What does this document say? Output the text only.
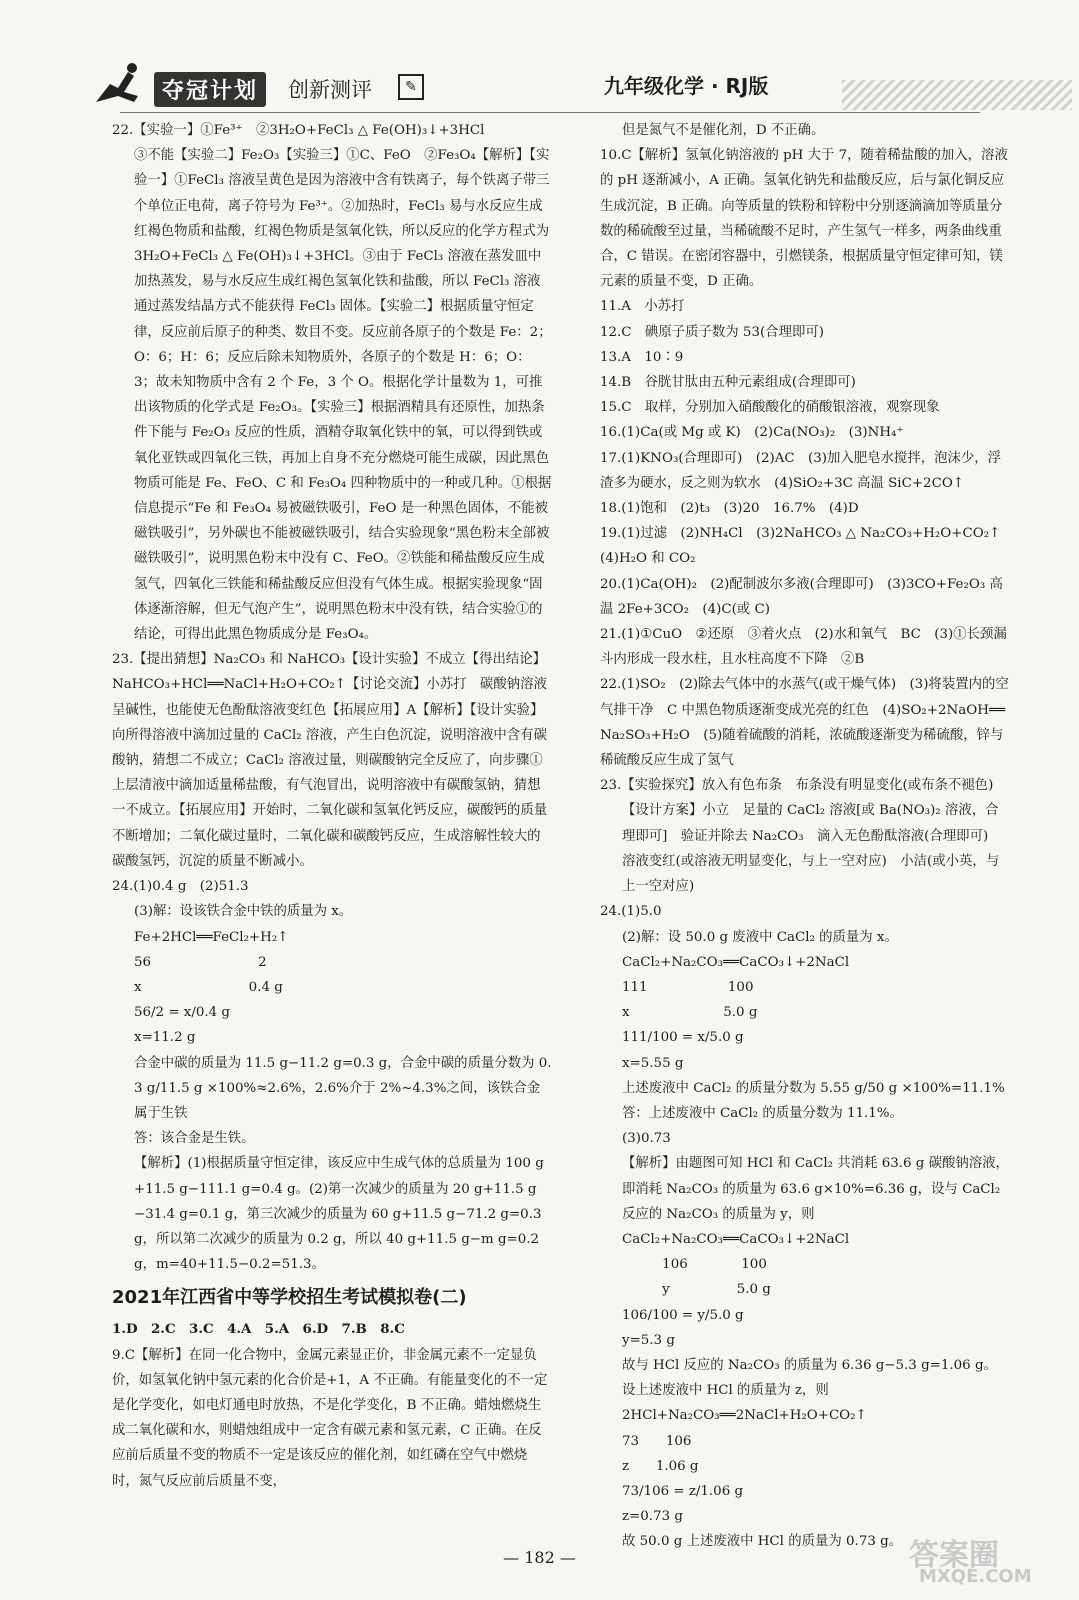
夺冠计划	创新测评	✎	九年级化学 · RJ版

22.【实验一】①Fe³⁺　②3H₂O+FeCl₃ △ Fe(OH)₃↓+3HCl

③不能【实验二】Fe₂O₃【实验三】①C、FeO　②Fe₃O₄【解析】【实验一】①FeCl₃ 溶液呈黄色是因为溶液中含有铁离子，每个铁离子带三个单位正电荷，离子符号为 Fe³⁺。②加热时，FeCl₃ 易与水反应生成红褐色物质和盐酸，红褐色物质是氢氧化铁，所以反应的化学方程式为 3H₂O+FeCl₃ △ Fe(OH)₃↓+3HCl。③由于 FeCl₃ 溶液在蒸发皿中加热蒸发，易与水反应生成红褐色氢氧化铁和盐酸，所以 FeCl₃ 溶液通过蒸发结晶方式不能获得 FeCl₃ 固体。【实验二】根据质量守恒定律，反应前后原子的种类、数目不变。反应前各原子的个数是 Fe：2；O：6；H：6；反应后除未知物质外，各原子的个数是 H：6；O：3；故未知物质中含有 2 个 Fe，3 个 O。根据化学计量数为 1，可推出该物质的化学式是 Fe₂O₃。【实验三】根据酒精具有还原性，加热条件下能与 Fe₂O₃ 反应的性质，酒精夺取氧化铁中的氧，可以得到铁或氧化亚铁或四氧化三铁，再加上自身不充分燃烧可能生成碳，因此黑色物质可能是 Fe、FeO、C 和 Fe₃O₄ 四种物质中的一种或几种。①根据信息提示“Fe 和 Fe₃O₄ 易被磁铁吸引，FeO 是一种黑色固体，不能被磁铁吸引”，另外碳也不能被磁铁吸引，结合实验现象“黑色粉末全部被磁铁吸引”，说明黑色粉末中没有 C、FeO。②铁能和稀盐酸反应生成氢气，四氧化三铁能和稀盐酸反应但没有气体生成。根据实验现象“固体逐渐溶解，但无气泡产生”，说明黑色粉末中没有铁，结合实验①的结论，可得出此黑色物质成分是 Fe₃O₄。

23.【提出猜想】Na₂CO₃ 和 NaHCO₃【设计实验】不成立【得出结论】NaHCO₃+HCl══NaCl+H₂O+CO₂↑【讨论交流】小苏打　碳酸钠溶液呈碱性，也能使无色酚酞溶液变红色【拓展应用】A【解析】【设计实验】向所得溶液中滴加过量的 CaCl₂ 溶液，产生白色沉淀，说明溶液中含有碳酸钠，猜想二不成立；CaCl₂ 溶液过量，则碳酸钠完全反应了，向步骤①上层清液中滴加适量稀盐酸，有气泡冒出，说明溶液中有碳酸氢钠，猜想一不成立。【拓展应用】开始时，二氧化碳和氢氧化钙反应，碳酸钙的质量不断增加；二氧化碳过量时，二氧化碳和碳酸钙反应，生成溶解性较大的碳酸氢钙，沉淀的质量不断减小。

24.(1)0.4 g　(2)51.3

(3)解：设该铁合金中铁的质量为 x。

Fe+2HCl══FeCl₂+H₂↑

56　　　　　　　　2

x　　　　　　　　0.4 g

56/2 = x/0.4 g

x=11.2 g

合金中碳的质量为 11.5 g−11.2 g=0.3 g，合金中碳的质量分数为 0.3 g/11.5 g ×100%≈2.6%，2.6%介于 2%~4.3%之间，该铁合金属于生铁

答：该合金是生铁。

【解析】(1)根据质量守恒定律，该反应中生成气体的总质量为 100 g+11.5 g−111.1 g=0.4 g。(2)第一次减少的质量为 20 g+11.5 g−31.4 g=0.1 g，第三次减少的质量为 60 g+11.5 g−71.2 g=0.3 g，所以第二次减少的质量为 0.2 g，所以 40 g+11.5 g−m g=0.2 g，m=40+11.5−0.2=51.3。

2021年江西省中等学校招生考试模拟卷(二)

1.D　2.C　3.C　4.A　5.A　6.D　7.B　8.C

9.C【解析】在同一化合物中，金属元素显正价，非金属元素不一定显负价，如氢氧化钠中氢元素的化合价是+1，A 不正确。有能量变化的不一定是化学变化，如电灯通电时放热，不是化学变化，B 不正确。蜡烛燃烧生成二氧化碳和水，则蜡烛组成中一定含有碳元素和氢元素，C 正确。在反应前后质量不变的物质不一定是该反应的催化剂，如红磷在空气中燃烧时，氮气反应前后质量不变，

但是氮气不是催化剂，D 不正确。

10.C【解析】氢氧化钠溶液的 pH 大于 7，随着稀盐酸的加入，溶液的 pH 逐渐减小，A 正确。氢氧化钠先和盐酸反应，后与氯化铜反应生成沉淀，B 正确。向等质量的铁粉和锌粉中分别逐滴滴加等质量分数的稀硫酸至过量，当稀硫酸不足时，产生氢气一样多，两条曲线重合，C 错误。在密闭容器中，引燃镁条，根据质量守恒定律可知，镁元素的质量不变，D 正确。

11.A　小苏打

12.C　碘原子质子数为 53(合理即可)

13.A　10∶9

14.B　谷胱甘肽由五种元素组成(合理即可)

15.C　取样，分别加入硝酸酸化的硝酸银溶液，观察现象

16.(1)Ca(或 Mg 或 K)　(2)Ca(NO₃)₂　(3)NH₄⁺

17.(1)KNO₃(合理即可)　(2)AC　(3)加入肥皂水搅拌，泡沫少，浮渣多为硬水，反之则为软水　(4)SiO₂+3C 高温 SiC+2CO↑

18.(1)饱和　(2)t₃　(3)20　16.7%　(4)D

19.(1)过滤　(2)NH₄Cl　(3)2NaHCO₃ △ Na₂CO₃+H₂O+CO₂↑　(4)H₂O 和 CO₂

20.(1)Ca(OH)₂　(2)配制波尔多液(合理即可)　(3)3CO+Fe₂O₃ 高温 2Fe+3CO₂　(4)C(或 C)

21.(1)①CuO　②还原　③着火点　(2)水和氧气　BC　(3)①长颈漏斗内形成一段水柱，且水柱高度不下降　②B

22.(1)SO₂　(2)除去气体中的水蒸气(或干燥气体)　(3)将装置内的空气排干净　C 中黑色物质逐渐变成光亮的红色　(4)SO₂+2NaOH══Na₂SO₃+H₂O　(5)随着硫酸的消耗，浓硫酸逐渐变为稀硫酸，锌与稀硫酸反应生成了氢气

23.【实验探究】放入有色布条　布条没有明显变化(或布条不褪色)

【设计方案】小立　足量的 CaCl₂ 溶液[或 Ba(NO₃)₂ 溶液，合理即可]　验证并除去 Na₂CO₃　滴入无色酚酞溶液(合理即可)　溶液变红(或溶液无明显变化，与上一空对应)　小洁(或小英，与上一空对应)

24.(1)5.0

(2)解：设 50.0 g 废液中 CaCl₂ 的质量为 x。

CaCl₂+Na₂CO₃══CaCO₃↓+2NaCl

111　　　　　　100

x　　　　　　　5.0 g

111/100 = x/5.0 g

x=5.55 g

上述废液中 CaCl₂ 的质量分数为 5.55 g/50 g ×100%=11.1%

答：上述废液中 CaCl₂ 的质量分数为 11.1%。

(3)0.73

【解析】由题图可知 HCl 和 CaCl₂ 共消耗 63.6 g 碳酸钠溶液，即消耗 Na₂CO₃ 的质量为 63.6 g×10%=6.36 g，设与 CaCl₂ 反应的 Na₂CO₃ 的质量为 y，则

CaCl₂+Na₂CO₃══CaCO₃↓+2NaCl

　　　106　　　　100

　　　y　　　　　5.0 g

106/100 = y/5.0 g

y=5.3 g

故与 HCl 反应的 Na₂CO₃ 的质量为 6.36 g−5.3 g=1.06 g。

设上述废液中 HCl 的质量为 z，则

2HCl+Na₂CO₃══2NaCl+H₂O+CO₂↑

73　　106

z　　1.06 g

73/106 = z/1.06 g

z=0.73 g

故 50.0 g 上述废液中 HCl 的质量为 0.73 g。

— 182 —	答案圈
MXQE.COM
